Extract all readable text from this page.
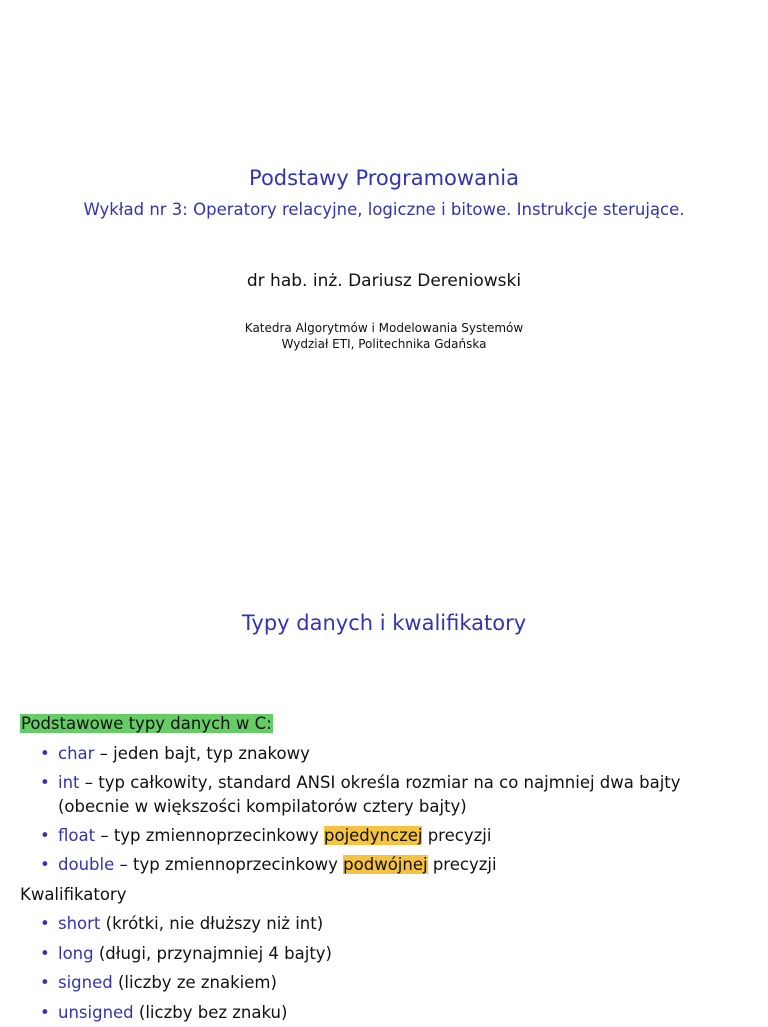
Podstawy Programowania
Wykład nr 3: Operatory relacyjne, logiczne i bitowe. Instrukcje sterujące.
dr hab. inż. Dariusz Dereniowski
Katedra Algorytmów i Modelowania Systemów
Wydział ETI, Politechnika Gdańska
Typy danych i kwalifikatory
Podstawowe typy danych w C:
• char – jeden bajt, typ znakowy
• int – typ całkowity, standard ANSI określa rozmiar na co najmniej dwa bajty
(obecnie w większości kompilatorów cztery bajty)
• float – typ zmiennoprzecinkowy pojedynczej precyzji
• double – typ zmiennoprzecinkowy podwójnej precyzji
Kwalifikatory
• short (krótki, nie dłuższy niż int)
• long (długi, przynajmniej 4 bajty)
• signed (liczby ze znakiem)
• unsigned (liczby bez znaku)
